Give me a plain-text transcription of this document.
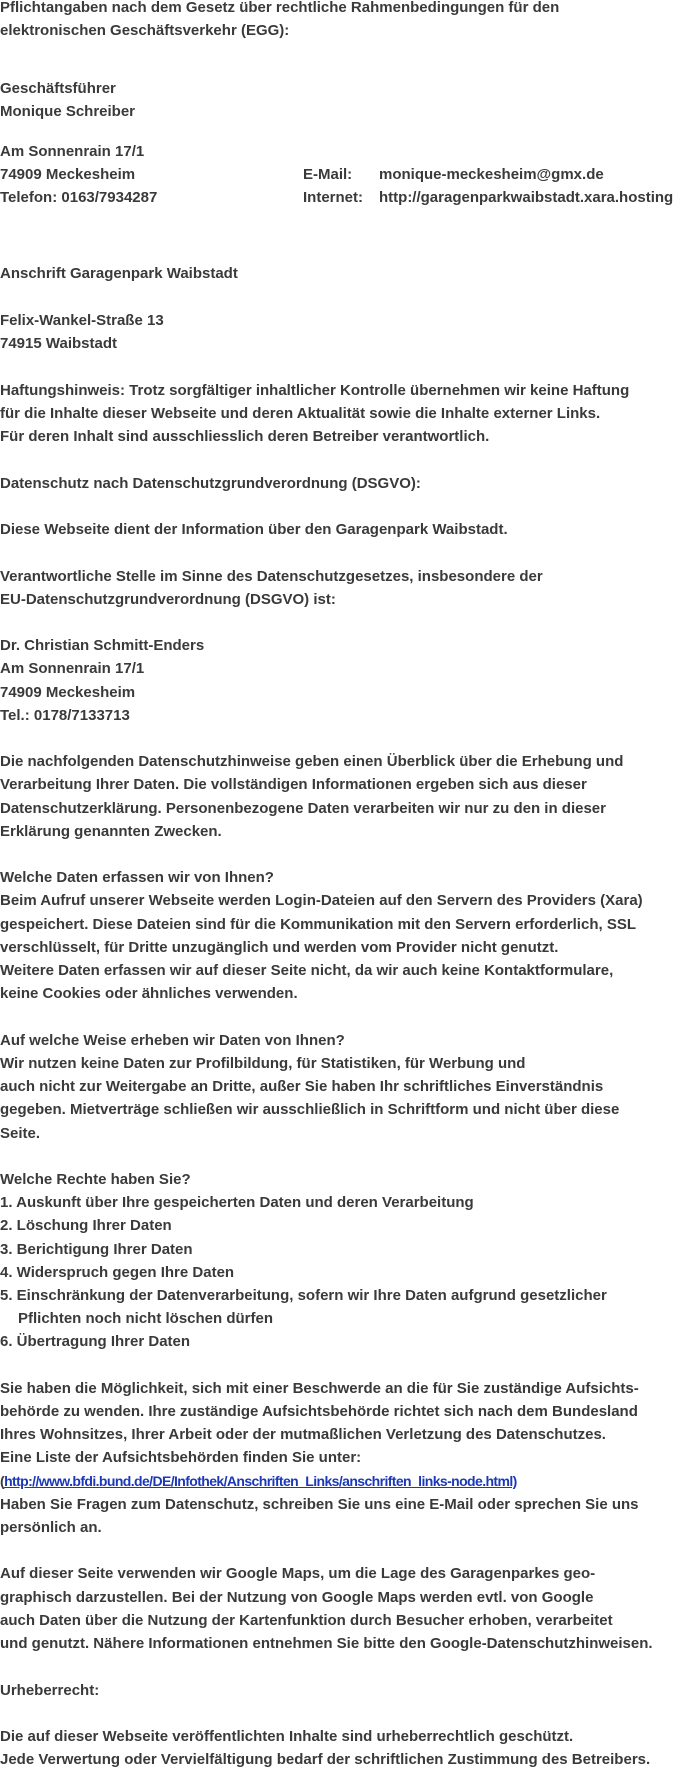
Pflichtangaben nach dem Gesetz über rechtliche Rahmenbedingungen für den
elektronischen Geschäftsverkehr (EGG):
Geschäftsführer
Monique Schreiber
Am Sonnenrain 17/1
74909 Meckesheim	E-Mail: monique-meckesheim@gmx.de
Telefon: 0163/7934287	Internet: http://garagenparkwaibstadt.xara.hosting
Anschrift Garagenpark Waibstadt
Felix-Wankel-Straße 13
74915 Waibstadt
Haftungshinweis: Trotz sorgfältiger inhaltlicher Kontrolle übernehmen wir keine Haftung
für die Inhalte dieser Webseite und deren Aktualität sowie die Inhalte externer Links.
Für deren Inhalt sind ausschliesslich deren Betreiber verantwortlich.
Datenschutz nach Datenschutzgrundverordnung (DSGVO):
Diese Webseite dient der Information über den Garagenpark Waibstadt.
Verantwortliche Stelle im Sinne des Datenschutzgesetzes, insbesondere der
EU-Datenschutzgrundverordnung (DSGVO) ist:
Dr. Christian Schmitt-Enders
Am Sonnenrain 17/1
74909 Meckesheim
Tel.: 0178/7133713
Die nachfolgenden Datenschutzhinweise geben einen Überblick über die Erhebung und
Verarbeitung Ihrer Daten. Die vollständigen Informationen ergeben sich aus dieser
Datenschutzerklärung. Personenbezogene Daten verarbeiten wir nur zu den in dieser
Erklärung genannten Zwecken.
Welche Daten erfassen wir von Ihnen?
Beim Aufruf unserer Webseite werden Login-Dateien auf den Servern des Providers (Xara)
gespeichert. Diese Dateien sind für die Kommunikation mit den Servern erforderlich, SSL
verschlüsselt, für Dritte unzugänglich und werden vom Provider nicht genutzt.
Weitere Daten erfassen wir auf dieser Seite nicht, da wir auch keine Kontaktformulare,
keine Cookies oder ähnliches verwenden.
Auf welche Weise erheben wir Daten von Ihnen?
Wir nutzen keine Daten zur Profilbildung, für Statistiken, für Werbung und
auch nicht zur Weitergabe an Dritte, außer Sie haben Ihr schriftliches Einverständnis
gegeben. Mietverträge schließen wir ausschließlich in Schriftform und nicht über diese
Seite.
Welche Rechte haben Sie?
1. Auskunft über Ihre gespeicherten Daten und deren Verarbeitung
2. Löschung Ihrer Daten
3. Berichtigung Ihrer Daten
4. Widerspruch gegen Ihre Daten
5. Einschränkung der Datenverarbeitung, sofern wir Ihre Daten aufgrund gesetzlicher
Pflichten noch nicht löschen dürfen
6. Übertragung Ihrer Daten
Sie haben die Möglichkeit, sich mit einer Beschwerde an die für Sie zuständige Aufsichts-
behörde zu wenden. Ihre zuständige Aufsichtsbehörde richtet sich nach dem Bundesland
Ihres Wohnsitzes, Ihrer Arbeit oder der mutmaßlichen Verletzung des Datenschutzes.
Eine Liste der Aufsichtsbehörden finden Sie unter:
(http://www.bfdi.bund.de/DE/Infothek/Anschriften_Links/anschriften_links-node.html)
Haben Sie Fragen zum Datenschutz, schreiben Sie uns eine E-Mail oder sprechen Sie uns
persönlich an.
Auf dieser Seite verwenden wir Google Maps, um die Lage des Garagenparkes geo-
graphisch darzustellen. Bei der Nutzung von Google Maps werden evtl. von Google
auch Daten über die Nutzung der Kartenfunktion durch Besucher erhoben, verarbeitet
und genutzt. Nähere Informationen entnehmen Sie bitte den Google-Datenschutzhinweisen.
Urheberrecht:
Die auf dieser Webseite veröffentlichten Inhalte sind urheberrechtlich geschützt.
Jede Verwertung oder Vervielfältigung bedarf der schriftlichen Zustimmung des Betreibers.
